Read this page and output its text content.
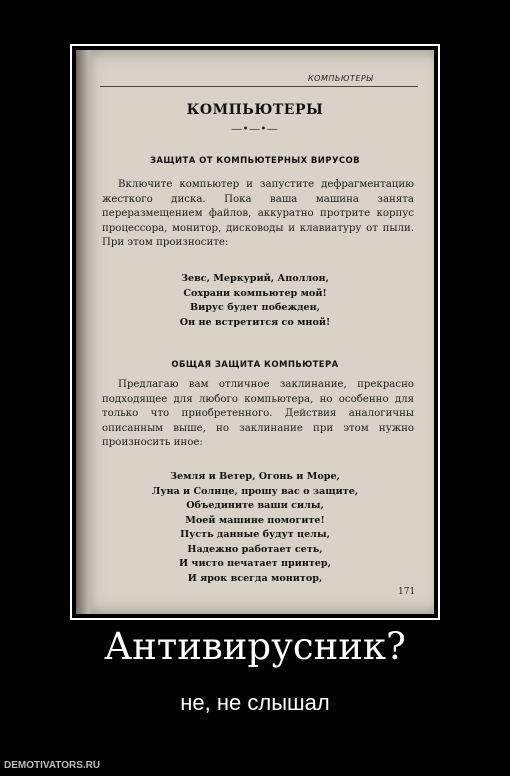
КОМПЬЮТЕРЫ
КОМПЬЮТЕРЫ
―•―•―
ЗАЩИТА ОТ КОМПЬЮТЕРНЫХ ВИРУСОВ

Включите компьютер и запустите дефрагментацию жесткого диска. Пока ваша машина занята переразмещением файлов, аккуратно протрите корпус процессора, монитор, дисководы и клавиатуру от пыли. При этом произносите:

Зевс, Меркурий, Аполлон,
Сохрани компьютер мой!
Вирус будет побежден,
Он не встретится со мной!
ОБЩАЯ ЗАЩИТА КОМПЬЮТЕРА

Предлагаю вам отличное заклинание, прекрасно подходящее для любого компьютера, но особенно для только что приобретенного. Действия аналогичны описанным выше, но заклинание при этом нужно произносить иное:

Земля и Ветер, Огонь и Море,
Луна и Солнце, прошу вас о защите,
Объедините ваши силы,
Моей машине помогите!
Пусть данные будут целы,
Надежно работает сеть,
И чисто печатает принтер,
И ярок всегда монитор,
171
Антивирусник?
не, не слышал
DEMOTIVATORS.RU
